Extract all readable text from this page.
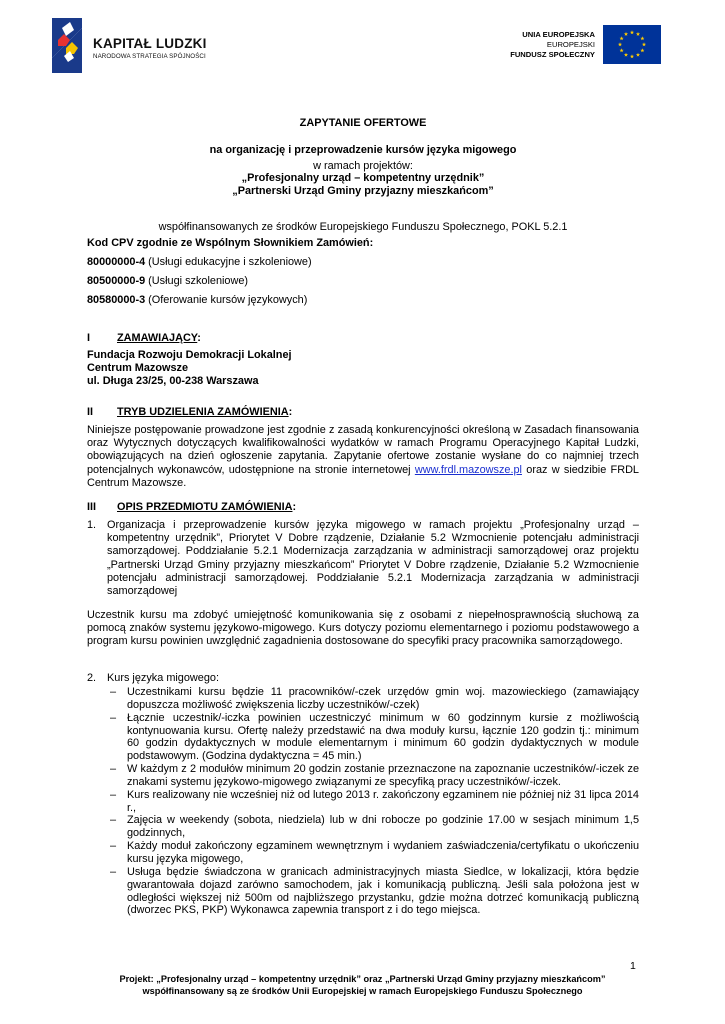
KAPITAŁ LUDZKI
NARODOWA STRATEGIA SPÓJNOŚCI
UNIA EUROPEJSKA
EUROPEJSKI
FUNDUSZ SPOŁECZNY
ZAPYTANIE OFERTOWE
na organizację i przeprowadzenie kursów języka migowego
w ramach projektów:
„Profesjonalny urząd – kompetentny urzędnik”
„Partnerski Urząd Gminy przyjazny mieszkańcom”
współfinansowanych ze środków Europejskiego Funduszu Społecznego, POKL 5.2.1
Kod CPV zgodnie ze Wspólnym Słownikiem Zamówień:
80000000-4 (Usługi edukacyjne i szkoleniowe)
80500000-9 (Usługi szkoleniowe)
80580000-3 (Oferowanie kursów językowych)
I ZAMAWIAJĄCY:
Fundacja Rozwoju Demokracji Lokalnej
Centrum Mazowsze
ul. Długa 23/25, 00-238 Warszawa
II TRYB UDZIELENIA ZAMÓWIENIA:

Niniejsze postępowanie prowadzone jest zgodnie z zasadą konkurencyjności określoną w Zasadach finansowania oraz Wytycznych dotyczących kwalifikowalności wydatków w ramach Programu Operacyjnego Kapitał Ludzki, obowiązujących na dzień ogłoszenie zapytania. Zapytanie ofertowe zostanie wysłane do co najmniej trzech potencjalnych wykonawców, udostępnione na stronie internetowej www.frdl.mazowsze.pl oraz w siedzibie FRDL Centrum Mazowsze.

III OPIS PRZEDMIOTU ZAMÓWIENIA:
1. Organizacja i przeprowadzenie kursów języka migowego w ramach projektu „Profesjonalny urząd – kompetentny urzędnik”, Priorytet V Dobre rządzenie, Działanie 5.2 Wzmocnienie potencjału administracji samorządowej. Poddziałanie 5.2.1 Modernizacja zarządzania w administracji samorządowej oraz projektu „Partnerski Urząd Gminy przyjazny mieszkańcom” Priorytet V Dobre rządzenie, Działanie 5.2 Wzmocnienie potencjału administracji samorządowej. Poddziałanie 5.2.1 Modernizacja zarządzania w administracji samorządowej

Uczestnik kursu ma zdobyć umiejętność komunikowania się z osobami z niepełnosprawnością słuchową za pomocą znaków systemu językowo-migowego. Kurs dotyczy poziomu elementarnego i poziomu podstawowego a program kursu powinien uwzględnić zagadnienia dostosowane do specyfiki pracy pracownika samorządowego.

2. Kurs języka migowego:

– Uczestnikami kursu będzie 11 pracowników/-czek urzędów gmin woj. mazowieckiego (zamawiający dopuszcza możliwość zwiększenia liczby uczestników/-czek)
– Łącznie uczestnik/-iczka powinien uczestniczyć minimum w 60 godzinnym kursie z możliwością kontynuowania kursu. Ofertę należy przedstawić na dwa moduły kursu, łącznie 120 godzin tj.: minimum 60 godzin dydaktycznych w module elementarnym i minimum 60 godzin dydaktycznych w module podstawowym. (Godzina dydaktyczna = 45 min.)
– W każdym z 2 modułów minimum 20 godzin zostanie przeznaczone na zapoznanie uczestników/-iczek ze znakami systemu językowo-migowego związanymi ze specyfiką pracy uczestników/-iczek.
– Kurs realizowany nie wcześniej niż od lutego 2013 r. zakończony egzaminem nie później niż 31 lipca 2014 r.,
– Zajęcia w weekendy (sobota, niedziela) lub w dni robocze po godzinie 17.00 w sesjach minimum 1,5 godzinnych,
– Każdy moduł zakończony egzaminem wewnętrznym i wydaniem zaświadczenia/certyfikatu o ukończeniu kursu języka migowego,
– Usługa będzie świadczona w granicach administracyjnych miasta Siedlce, w lokalizacji, która będzie gwarantowała dojazd zarówno samochodem, jak i komunikacją publiczną. Jeśli sala położona jest w odległości większej niż 500m od najbliższego przystanku, gdzie można dotrzeć komunikacją publiczną (dworzec PKS, PKP) Wykonawca zapewnia transport z i do tego miejsca.
1
Projekt: „Profesjonalny urząd – kompetentny urzędnik” oraz „Partnerski Urząd Gminy przyjazny mieszkańcom”
współfinansowany są ze środków Unii Europejskiej w ramach Europejskiego Funduszu Społecznego
